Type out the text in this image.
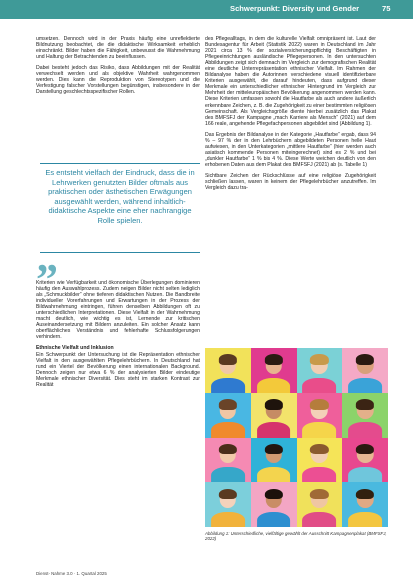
Schwerpunkt: Diversity und Gender	75

umsetzen. Dennoch wird in der Praxis häufig eine unreflektierte Bildnutzung beobachtet, die die didaktische Wirksamkeit erheblich einschränkt. Bilder haben die Fähigkeit, unbewusst die Wahrnehmung und Haltung der Betrachtenden zu beeinflussen.

Dabei besteht jedoch das Risiko, dass Abbildungen mit der Realität verwechselt werden und als objektive Wahrheit wahrgenommen werden. Dies kann die Reproduktion von Stereotypen und die Verfestigung falscher Vorstellungen begünstigen, insbesondere in der Darstellung geschlechtsspezifischer Rollen.

Es entsteht vielfach der Eindruck, dass die in Lehrwerken genutzten Bilder oftmals aus praktischen oder ästhetischen Erwägungen ausgewählt werden, während inhaltlich-didaktische Aspekte eine eher nachrangige Rolle spielen.
”

Kriterien wie Verfügbarkeit und ökonomische Überlegungen dominieren häufig den Auswahlprozess. Zudem neigen Bilder nicht selten lediglich als „Schmuckbilder“ ohne tieferen didaktischen Nutzen. Die Bandbreite individueller Vorerfahrungen und Erwartungen in der Prozess der Bildwahrnehmung eintringen, führen denselben Abbildungen oft zu unterschiedlichen Interpretationen. Diese Vielfalt in der Wahrnehmung macht deutlich, wie wichtig es ist, Lernende zur kritischen Auseinandersetzung mit Bildern anzuleiten. Ein solcher Ansatz kann oberflächliches Verständnis und fehlerhafte Schlussfolgerungen verhindern.

Ethnische Vielfalt und Inklusion

Ein Schwerpunkt der Untersuchung ist die Repräsentation ethnischer Vielfalt in den ausgewählten Pflegelehrbüchern. In Deutschland hat rund ein Viertel der Bevölkerung einen internationalen Background. Dennoch zeigen nur etwa 6 % der analysierten Bilder eindeutige Merkmale ethnischer Diversität. Dies steht im starken Kontrast zur Realität

des Pflegealltags, in dem die kulturelle Vielfalt omnipräsent ist. Laut der Bundesagentur für Arbeit (Statistik 2022) waren in Deutschland im Jahr 2021 circa 13 % der sozialversicherungspflichtig Beschäftigten in Pflegeeinrichtungen ausländische Pflegepersonen. In den untersuchten Abbildungen zeigt sich demnach im Vergleich zur demografischen Realität eine deutliche Unterrepräsentation ethnischer Vielfalt. Im Rahmen der Bildanalyse haben die Autorinnen verschiedene visuell identifizierbare Kriterien ausgewählt, die darauf hindeuten, dass aufgrund dieser Merkmale ein unterschiedlicher ethnischer Hintergrund im Vergleich zur Mehrheit der mitteleuropäischen Bevölkerung angenommen werden kann. Diese Kriterien umfassen sowohl die Hautfarbe als auch andere äußerlich erkennbare Zeichen, z. B. die Zugehörigkeit zu einer bestimmten religiösen Gemeinschaft. Als Vergleichsgröße diente hierbei zusätzlich das Plakat des BMFSFJ der Kampagne „mach Karriere als Mensch“ (2021) auf dem 166 reale, angehende Pflegefachpersonen abgebildet sind (Abbildung 1).

Das Ergebnis der Bildanalyse in der Kategorie „Hautfarbe“ ergab, dass 94 % – 97 % der in den Lehrbüchern abgebildeten Personen helle Haut aufwiesen, in den Unterkategorien „mittlere Hautfarbe“ (hier werden auch asiatisch kommende Personen miteingerechnet) sind es 2 % und bei „dunkler Hautfarbe“ 1 % bis 4 %. Diese Werte weichen deutlich von den erhobenen Daten aus dem Plakat des BMFSFJ (2021) ab (s. Tabelle 1)

Sichtbare Zeichen der Rückschlüsse auf eine religiöse Zugehörigkeit schließen lassen, waren in keinem der Pflegelehrbücher anzutreffen. Im Vergleich dazu tra-

Abbildung 1: Unterschiedliche, vielfältige gewählt der Ausschnitt Kampagnenplakat (BMFSFJ, 2022)
Dienst- Nahme 3.0 · 1. Quartal 2025
